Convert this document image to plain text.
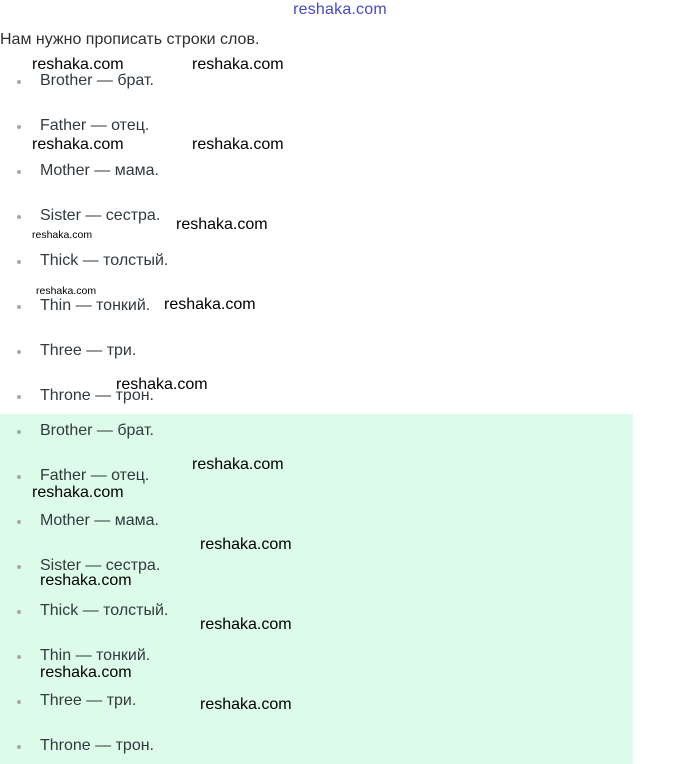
reshaka.com
Нам нужно прописать строки слов.
Brother — брат.
Father — отец.
Mother — мама.
Sister — сестра.
Thick — толстый.
Thin — тонкий.
Three — три.
Throne — трон.
Brother — брат.
Father — отец.
Mother — мама.
Sister — сестра.
Thick — толстый.
Thin — тонкий.
Three — три.
Throne — трон.
reshaka.com	reshaka.com
reshaka.com	reshaka.com
reshaka.com
reshaka.com
reshaka.com
reshaka.com
reshaka.com
reshaka.com
reshaka.com
reshaka.com
reshaka.com
reshaka.com
reshaka.com
reshaka.com
